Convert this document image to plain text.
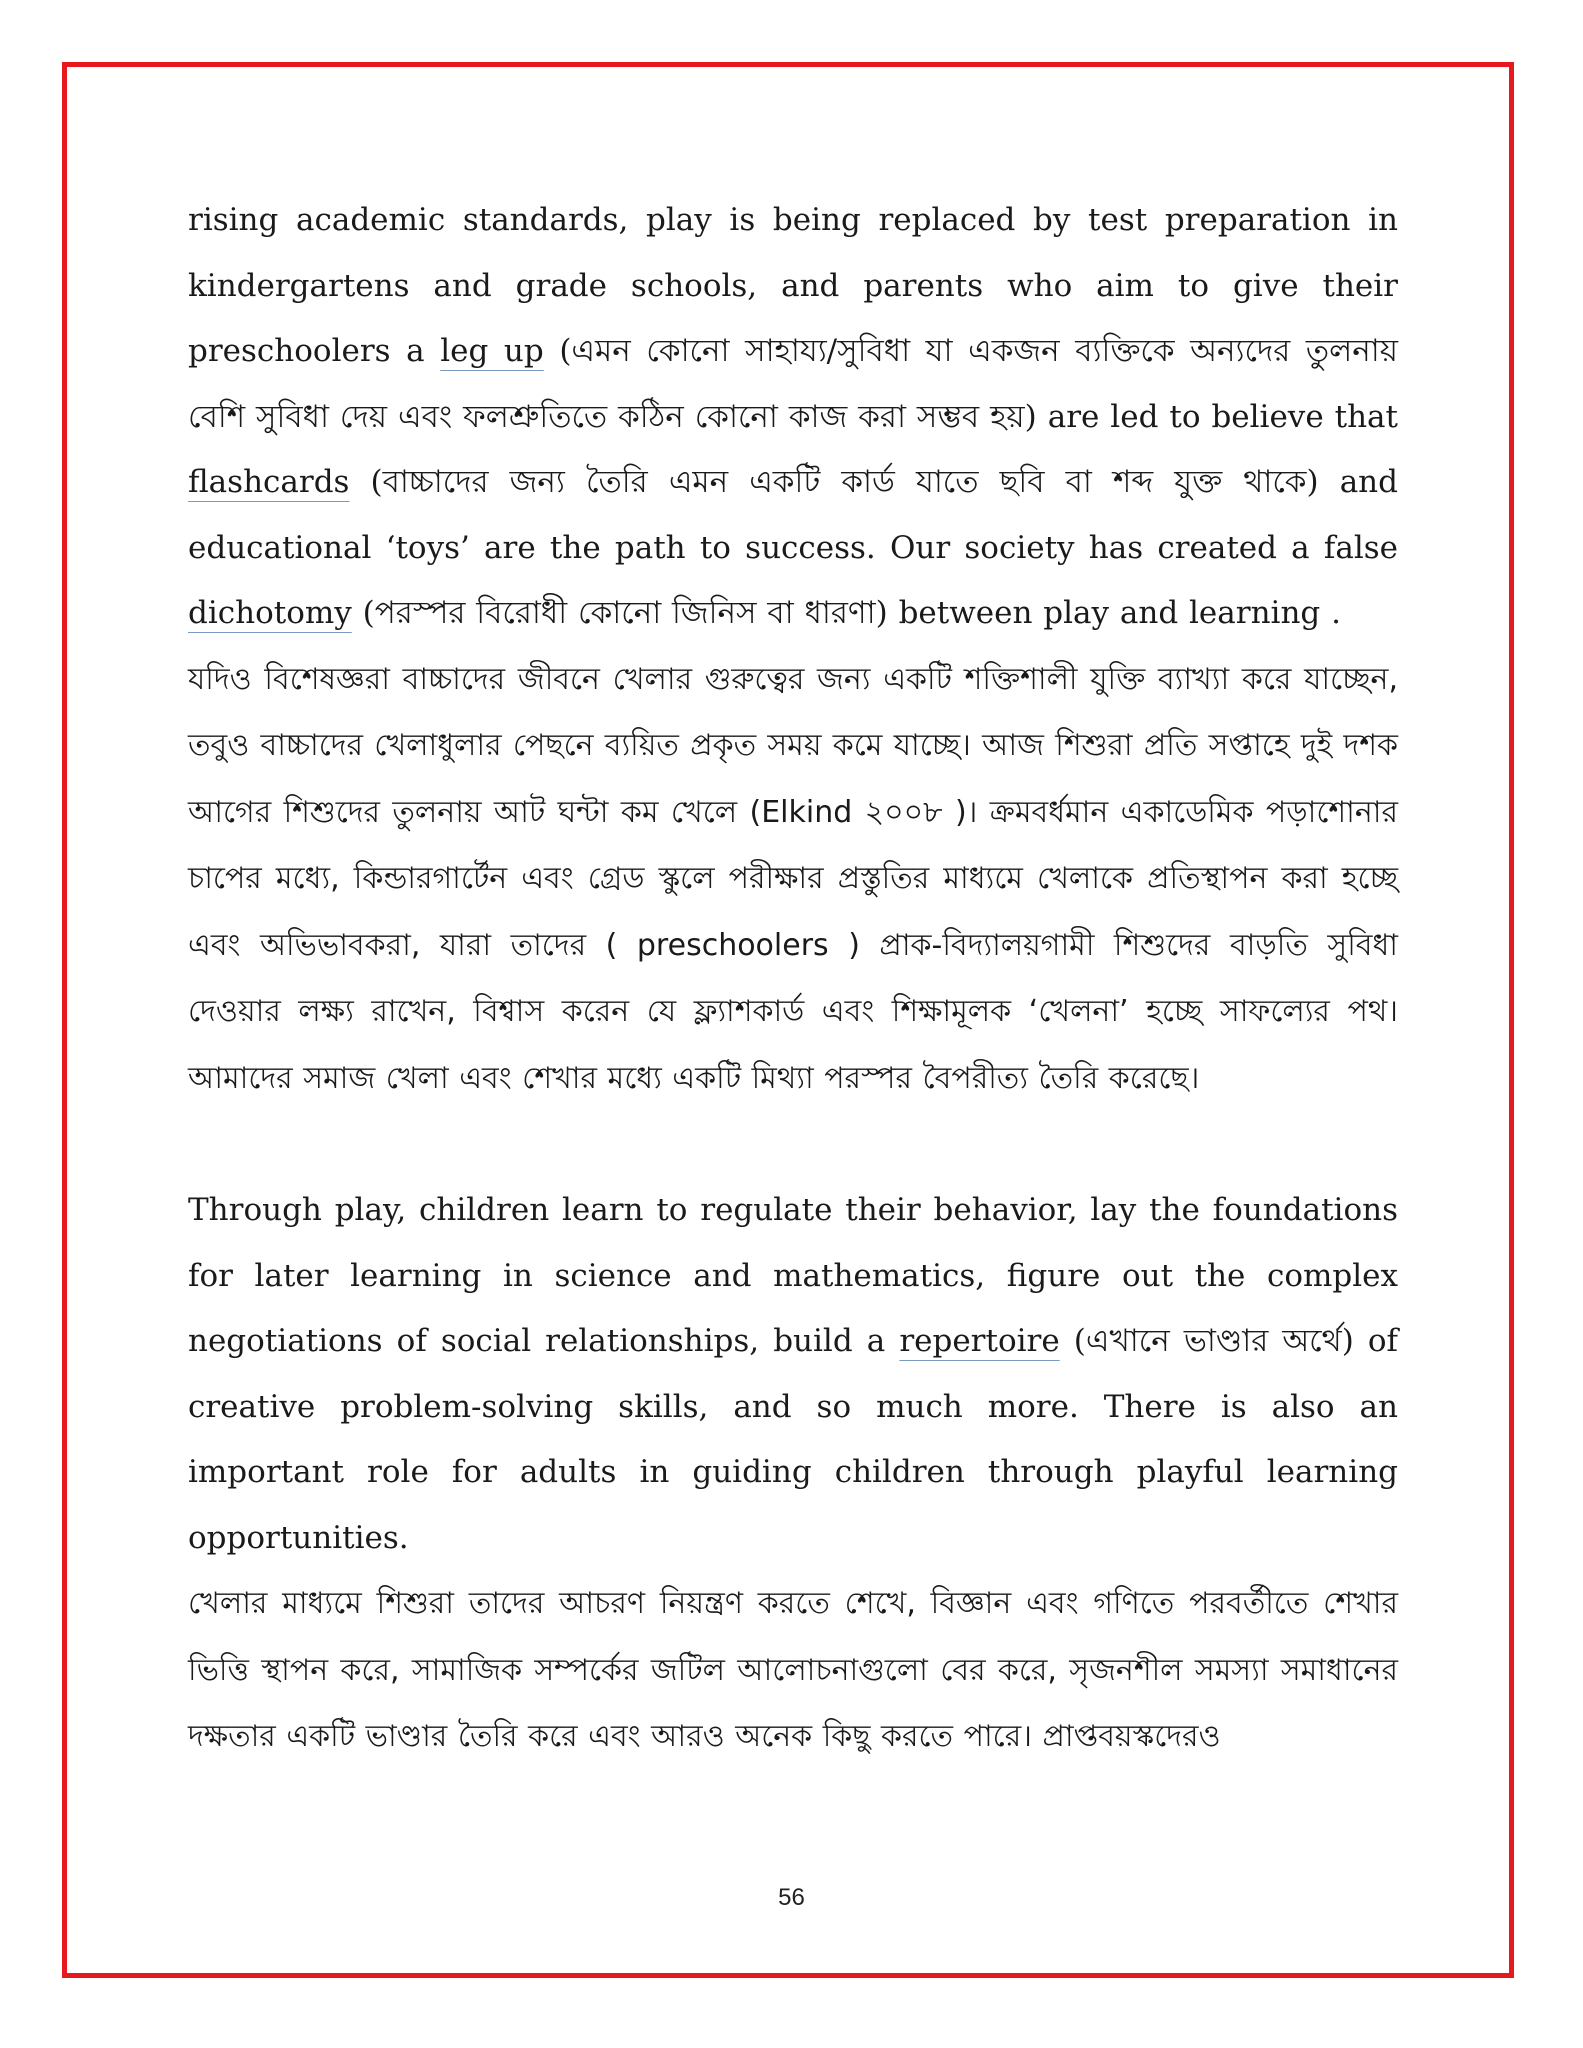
rising academic standards, play is being replaced by test preparation in kindergartens and grade schools, and parents who aim to give their preschoolers a leg up (এমন কোনো সাহায্য/সুবিধা যা একজন ব্যক্তিকে অন্যদের তুলনায় বেশি সুবিধা দেয় এবং ফলশ্রুতিতে কঠিন কোনো কাজ করা সম্ভব হয়) are led to believe that flashcards (বাচ্চাদের জন্য তৈরি এমন একটি কার্ড যাতে ছবি বা শব্দ যুক্ত থাকে) and educational ‘toys’ are the path to success. Our society has created a false dichotomy (পরস্পর বিরোধী কোনো জিনিস বা ধারণা) between play and learning .

যদিও বিশেষজ্ঞরা বাচ্চাদের জীবনে খেলার গুরুত্বের জন্য একটি শক্তিশালী যুক্তি ব্যাখ্যা করে যাচ্ছেন, তবুও বাচ্চাদের খেলাধুলার পেছনে ব্যয়িত প্রকৃত সময় কমে যাচ্ছে। আজ শিশুরা প্রতি সপ্তাহে দুই দশক আগের শিশুদের তুলনায় আট ঘন্টা কম খেলে (Elkind ২০০৮ )। ক্রমবর্ধমান একাডেমিক পড়াশোনার চাপের মধ্যে, কিন্ডারগার্টেন এবং গ্রেড স্কুলে পরীক্ষার প্রস্তুতির মাধ্যমে খেলাকে প্রতিস্থাপন করা হচ্ছে এবং অভিভাবকরা, যারা তাদের ( preschoolers ) প্রাক-বিদ্যালয়গামী শিশুদের বাড়তি সুবিধা দেওয়ার লক্ষ্য রাখেন, বিশ্বাস করেন যে ফ্ল্যাশকার্ড এবং শিক্ষামূলক ‘খেলনা’ হচ্ছে সাফল্যের পথ। আমাদের সমাজ খেলা এবং শেখার মধ্যে একটি মিথ্যা পরস্পর বৈপরীত্য তৈরি করেছে।

Through play, children learn to regulate their behavior, lay the foundations for later learning in science and mathematics, figure out the complex negotiations of social relationships, build a repertoire (এখানে ভাণ্ডার অর্থে) of creative problem-solving skills, and so much more. There is also an important role for adults in guiding children through playful learning opportunities.

খেলার মাধ্যমে শিশুরা তাদের আচরণ নিয়ন্ত্রণ করতে শেখে, বিজ্ঞান এবং গণিতে পরবর্তীতে শেখার ভিত্তি স্থাপন করে, সামাজিক সম্পর্কের জটিল আলোচনাগুলো বের করে, সৃজনশীল সমস্যা সমাধানের দক্ষতার একটি ভাণ্ডার তৈরি করে এবং আরও অনেক কিছু করতে পারে। প্রাপ্তবয়স্কদেরও

56
